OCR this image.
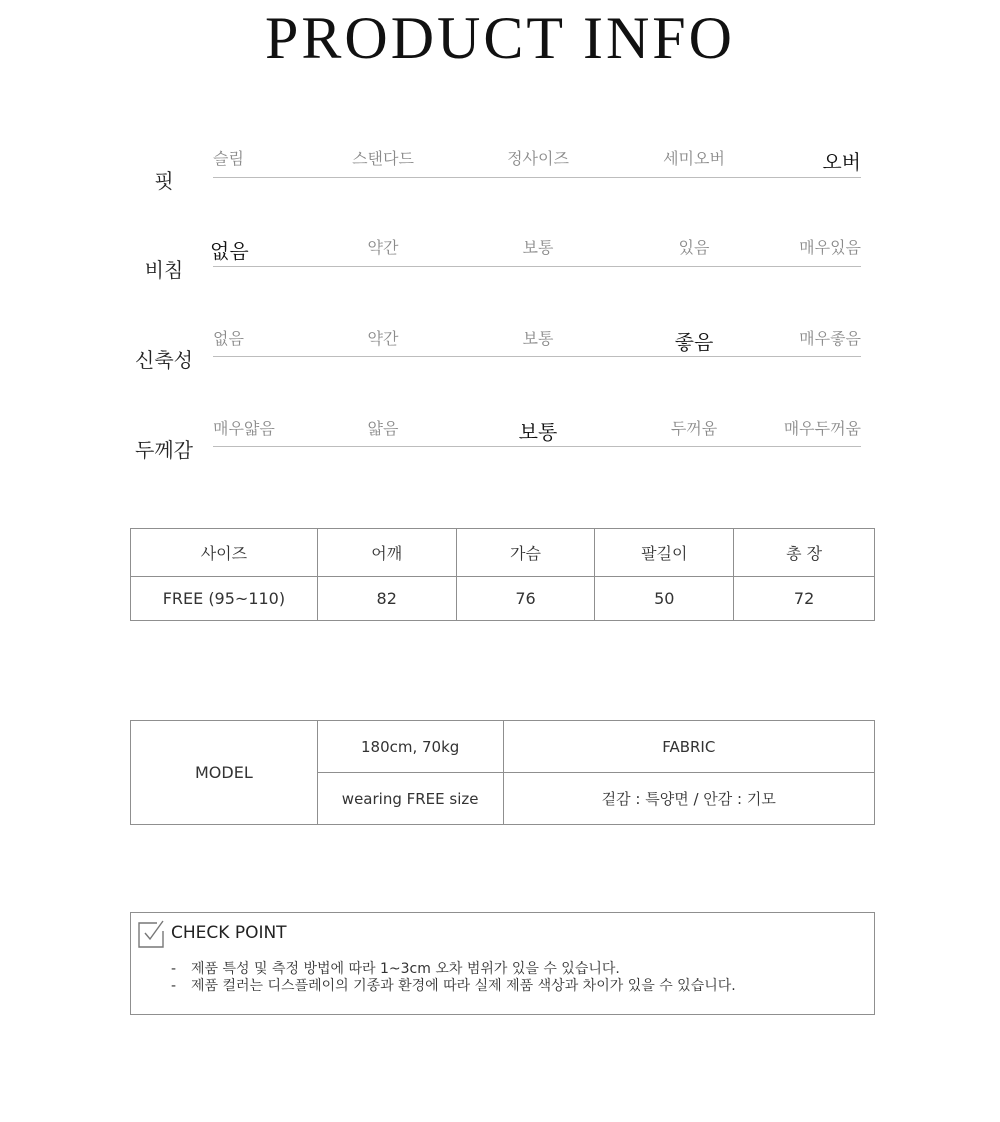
PRODUCT INFO
핏
슬림	스탠다드	정사이즈	세미오버	오버
비침
없음	약간	보통	있음	매우있음
신축성
없음	약간	보통	좋음	매우좋음
두께감
매우얇음	얇음	보통	두꺼움	매우두꺼움
사이즈	어깨	가슴	팔길이	총 장
FREE (95~110)	82	76	50	72
MODEL	180cm, 70kg	FABRIC
	wearing FREE size	겉감 : 특양면 / 안감 : 기모
CHECK POINT
- 제품 특성 및 측정 방법에 따라 1~3cm 오차 범위가 있을 수 있습니다.
- 제품 컬러는 디스플레이의 기종과 환경에 따라 실제 제품 색상과 차이가 있을 수 있습니다.
